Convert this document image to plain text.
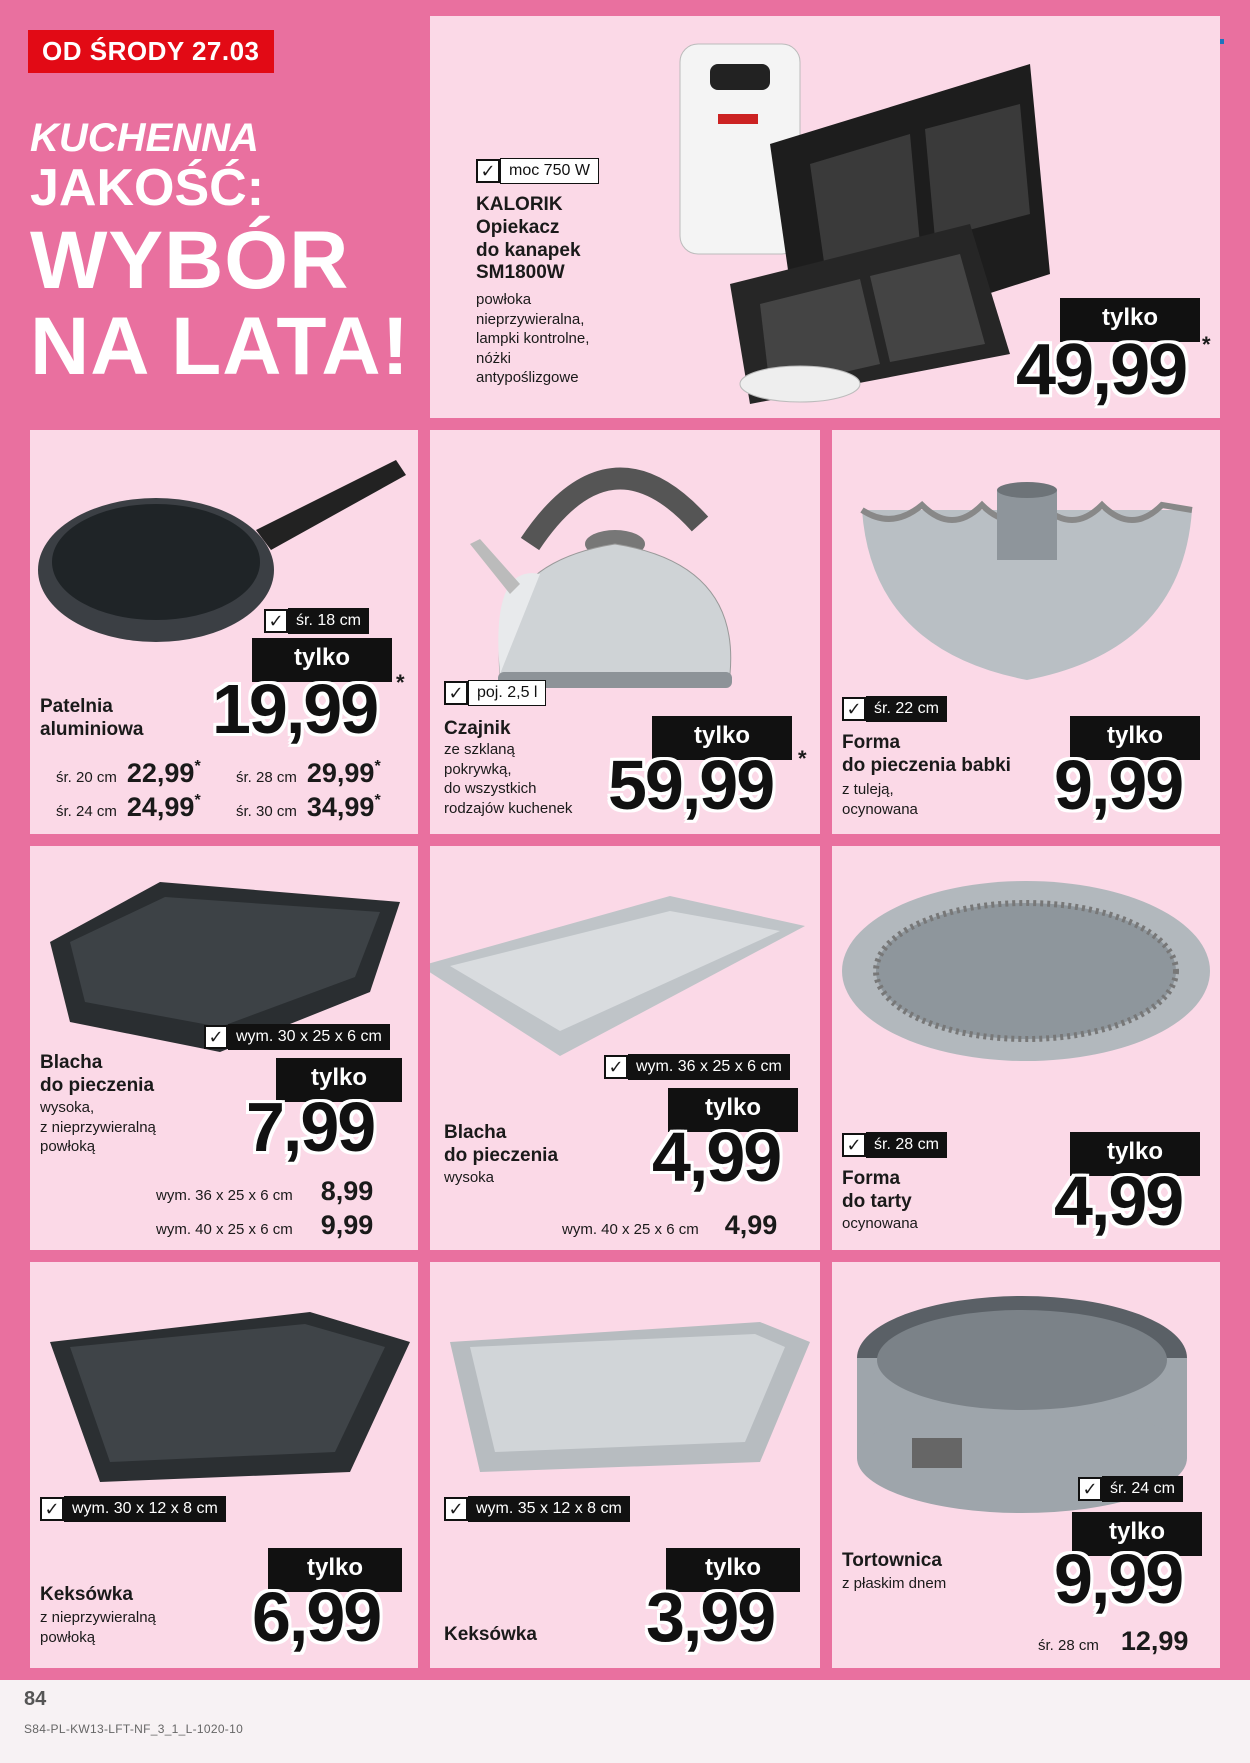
OD ŚRODY 27.03
KUCHENNA
JAKOŚĆ:
WYBÓR
NA LATA!
✓ moc 750 W
KALORIK
Opiekacz
do kanapek
SM1800W
powłoka
nieprzywieralna,
lampki kontrolne,
nóżki
antypoślizgowe
tylko
49,99 *
✓ śr. 18 cm
Patelnia
aluminiowa
tylko
19,99 *
śr. 20 cm 22,99 *
śr. 28 cm 29,99 *
śr. 24 cm 24,99 *
śr. 30 cm 34,99 *
✓ poj. 2,5 l
Czajnik
ze szklaną
pokrywką,
do wszystkich
rodzajów kuchenek
tylko
59,99 *
✓ śr. 22 cm
Forma
do pieczenia babki
z tuleją,
ocynowana
tylko
9,99
✓ wym. 30 x 25 x 6 cm
Blacha
do pieczenia
wysoka,
z nieprzywieralną
powłoką
tylko
7,99
wym. 36 x 25 x 6 cm 8,99
wym. 40 x 25 x 6 cm 9,99
✓ wym. 36 x 25 x 6 cm
Blacha
do pieczenia
wysoka
tylko
4,99
wym. 40 x 25 x 6 cm 4,99
✓ śr. 28 cm
Forma
do tarty
ocynowana
tylko
4,99
✓ wym. 30 x 12 x 8 cm
Keksówka
z nieprzywieralną
powłoką
tylko
6,99
✓ wym. 35 x 12 x 8 cm
Keksówka
tylko
3,99
✓ śr. 24 cm
Tortownica
z płaskim dnem
tylko
9,99
śr. 28 cm 12,99
84
S84-PL-KW13-LFT-NF_3_1_L-1020-10
